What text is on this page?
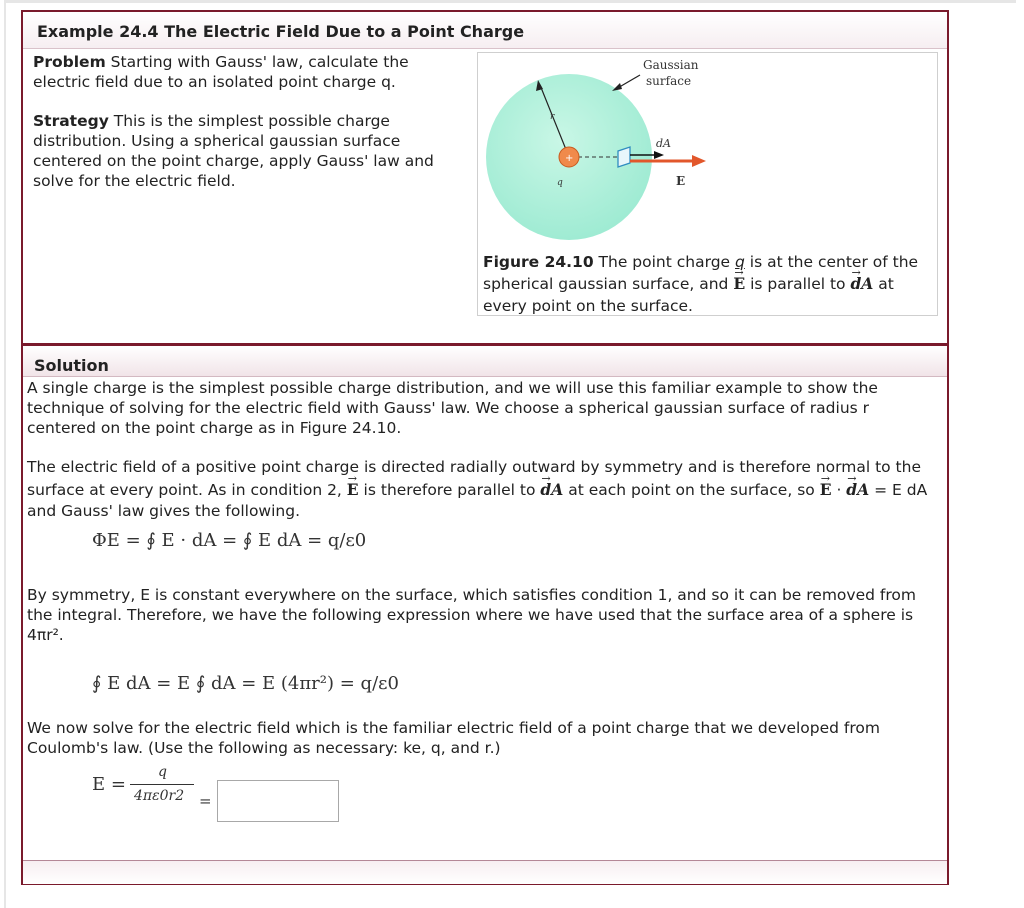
Example 24.4 The Electric Field Due to a Point Charge
Problem Starting with Gauss' law, calculate the electric field due to an isolated point charge q.
Strategy This is the simplest possible charge distribution. Using a spherical gaussian surface centered on the point charge, apply Gauss' law and solve for the electric field.
r
+
q
dA
E
Gaussian
surface
Figure 24.10 The point charge q is at the center of the spherical gaussian surface, and → E is parallel to → dA at every point on the surface.
Solution
A single charge is the simplest possible charge distribution, and we will use this familiar example to show the technique of solving for the electric field with Gauss' law. We choose a spherical gaussian surface of radius r centered on the point charge as in Figure 24.10.
The electric field of a positive point charge is directed radially outward by symmetry and is therefore normal to the surface at every point. As in condition 2, → E is therefore parallel to → dA at each point on the surface, so → E · → dA = E dA and Gauss' law gives the following.
ΦE = ∮ E · dA = ∮ E dA = q/ε0
By symmetry, E is constant everywhere on the surface, which satisfies condition 1, and so it can be removed from the integral. Therefore, we have the following expression where we have used that the surface area of a sphere is 4πr².
∮ E dA = E ∮ dA = E (4πr²) = q/ε0
We now solve for the electric field which is the familiar electric field of a point charge that we developed from Coulomb's law. (Use the following as necessary: ke, q, and r.)
E =
q
4πε0r2 =
